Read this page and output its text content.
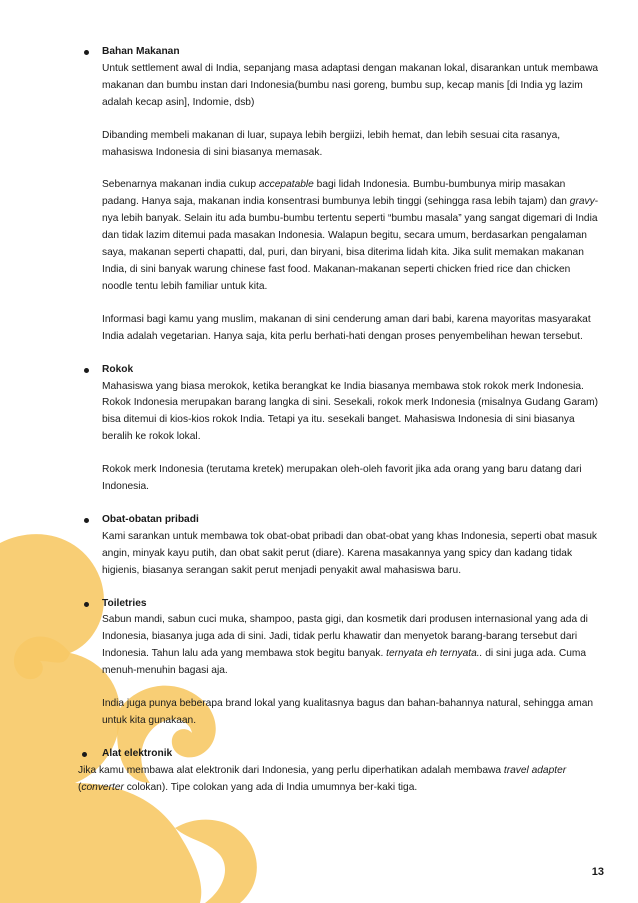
Bahan Makanan

Untuk settlement awal di India, sepanjang masa adaptasi dengan makanan lokal, disarankan untuk membawa makanan dan bumbu instan dari Indonesia(bumbu nasi goreng, bumbu sup, kecap manis [di India yg lazim adalah kecap asin], Indomie, dsb)

Dibanding membeli makanan di luar, supaya lebih bergiizi, lebih hemat, dan lebih sesuai cita rasanya, mahasiswa Indonesia di sini biasanya memasak.

Sebenarnya makanan india cukup accepatable bagi lidah Indonesia. Bumbu-bumbunya mirip masakan padang. Hanya saja, makanan india konsentrasi bumbunya lebih tinggi (sehingga rasa lebih tajam) dan gravy-nya lebih banyak. Selain itu ada bumbu-bumbu tertentu seperti “bumbu masala” yang sangat digemari di India dan tidak lazim ditemui pada masakan Indonesia. Walapun begitu, secara umum, berdasarkan pengalaman saya, makanan seperti chapatti, dal, puri, dan biryani, bisa diterima lidah kita. Jika sulit memakan makanan India, di sini banyak warung chinese fast food. Makanan-makanan seperti chicken fried rice dan chicken noodle tentu lebih familiar untuk kita.

Informasi bagi kamu yang muslim, makanan di sini cenderung aman dari babi, karena mayoritas masyarakat India adalah vegetarian. Hanya saja, kita perlu berhati-hati dengan proses penyembelihan hewan tersebut.

Rokok

Mahasiswa yang biasa merokok, ketika berangkat ke India biasanya membawa stok rokok merk Indonesia. Rokok Indonesia merupakan barang langka di sini. Sesekali, rokok merk Indonesia (misalnya Gudang Garam) bisa ditemui di kios-kios rokok India. Tetapi ya itu. sesekali banget. Mahasiswa Indonesia di sini biasanya beralih ke rokok lokal.

Rokok merk Indonesia (terutama kretek) merupakan oleh-oleh favorit jika ada orang yang baru datang dari Indonesia.

Obat-obatan pribadi

Kami sarankan untuk membawa tok obat-obat pribadi dan obat-obat yang khas Indonesia, seperti obat masuk angin, minyak kayu putih, dan obat sakit perut (diare). Karena masakannya yang spicy dan kadang tidak higienis, biasanya serangan sakit perut menjadi penyakit awal mahasiswa baru.

Toiletries

Sabun mandi, sabun cuci muka, shampoo, pasta gigi, dan kosmetik dari produsen internasional yang ada di Indonesia, biasanya juga ada di sini. Jadi, tidak perlu khawatir dan menyetok barang-barang tersebut dari Indonesia. Tahun lalu ada yang membawa stok begitu banyak. ternyata eh ternyata.. di sini juga ada. Cuma menuh-menuhin bagasi aja.

India juga punya beberapa brand lokal yang kualitasnya bagus dan bahan-bahannya natural, sehingga aman untuk kita gunakaan.

Alat elektronik

Jika kamu membawa alat elektronik dari Indonesia, yang perlu diperhatikan adalah membawa travel adapter (converter colokan). Tipe colokan yang ada di India umumnya ber-kaki tiga.

13
